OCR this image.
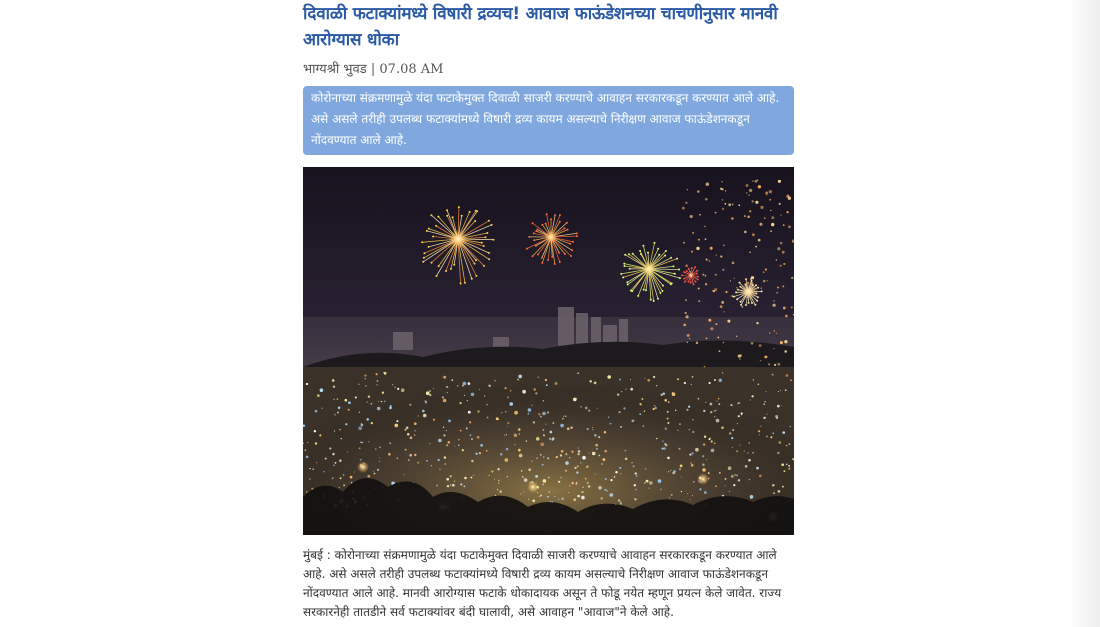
दिवाळी फटाक्यांमध्ये विषारी द्रव्यच! आवाज फाऊंडेशनच्या चाचणीनुसार मानवी आरोग्यास धोका
भाग्यश्री भुवड | 07.08 AM
कोरोनाच्या संक्रमणामुळे यंदा फटाकेमुक्त दिवाळी साजरी करण्याचे आवाहन सरकारकडून करण्यात आले आहे. असे असले तरीही उपलब्ध फटाक्यांमध्ये विषारी द्रव्य कायम असल्याचे निरीक्षण आवाज फाऊंडेशनकडून नोंदवण्यात आले आहे.

मुंबई : कोरोनाच्या संक्रमणामुळे यंदा फटाकेमुक्त दिवाळी साजरी करण्याचे आवाहन सरकारकडून करण्यात आले आहे. असे असले तरीही उपलब्ध फटाक्यांमध्ये विषारी द्रव्य कायम असल्याचे निरीक्षण आवाज फाऊंडेशनकडून नोंदवण्यात आले आहे. मानवी आरोग्यास फटाके धोकादायक असून ते फोडू नयेत म्हणून प्रयत्न केले जावेत. राज्य सरकारनेही तातडीने सर्व फटाक्यांवर बंदी घालावी, असे आवाहन "आवाज"ने केले आहे.
